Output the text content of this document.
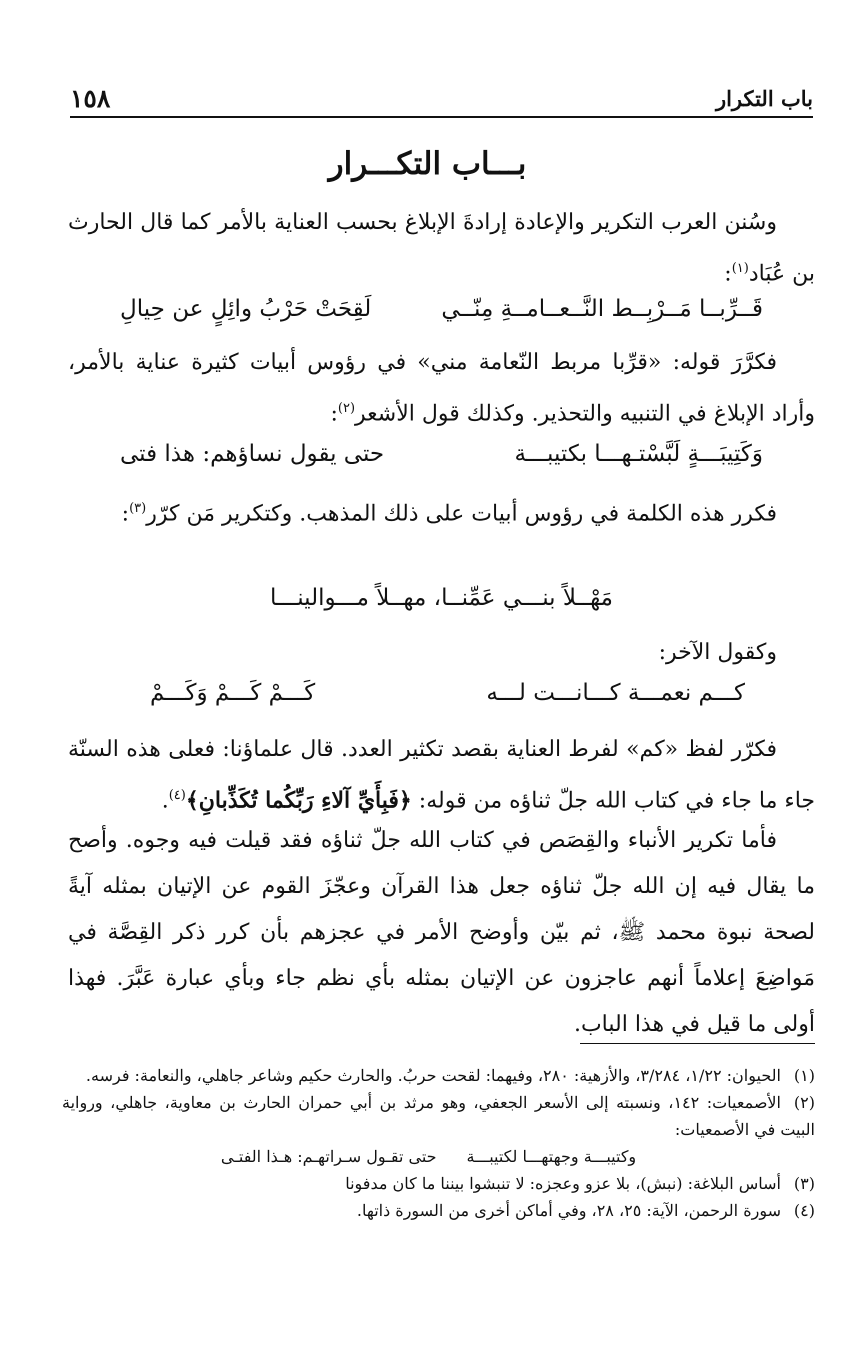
باب التكرار
١٥٨
بـــاب التكـــرار

وسُنن العرب التكرير والإعادة إرادةَ الإبلاغ بحسب العناية بالأمر كما قال الحارث بن عُبَاد$^{(١)}$:

قَــرِّبــا مَــرْبِــط النَّــعــامــةِ مِنّــي
لَقِحَتْ حَرْبُ وائِلٍ عن حِيالِ

فكرَّرَ قوله: «قرِّبا مربط النّعامة مني» في رؤوس أبيات كثيرة عناية بالأمر، وأراد الإبلاغ في التنبيه والتحذير. وكذلك قول الأشعر$^{(٢)}$:

وَكَتِيبَـــةٍ لَبَّسْتـهـــا بكتيبـــة
حتى يقول نساؤهم: هذا فتى

فكرر هذه الكلمة في رؤوس أبيات على ذلك المذهب. وكتكرير مَن كرّر$^{(٣)}$:

مَهْــلاً بنـــي عَمِّنــا، مهــلاً مـــوالينـــا

وكقول الآخر:

كـــم نعمـــة كـــانـــت لـــه
كَـــمْ كَـــمْ وَكَـــمْ

فكرّر لفظ «كم» لفرط العناية بقصد تكثير العدد. قال علماؤنا: فعلى هذه السنّة جاء ما جاء في كتاب الله جلّ ثناؤه من قوله: ﴿فَبِأَيِّ آلاءِ رَبِّكُما تُكَذِّبانِ﴾$^{(٤)}$.

فأما تكرير الأنباء والقِصَص في كتاب الله جلّ ثناؤه فقد قيلت فيه وجوه. وأصح ما يقال فيه إن الله جلّ ثناؤه جعل هذا القرآن وعجّزَ القوم عن الإتيان بمثله آيةً لصحة نبوة محمد ﷺ، ثم بيّن وأوضح الأمر في عجزهم بأن كرر ذكر القِصَّة في مَواضِعَ إعلاماً أنهم عاجزون عن الإتيان بمثله بأي نظم جاء وبأي عبارة عَبَّرَ. فهذا أولى ما قيل في هذا الباب.

(١)الحيوان: ١/٢٢، ٣/٢٨٤، والأزهية: ٢٨٠، وفيهما: لقحت حربُ. والحارث حكيم وشاعر جاهلي، والنعامة: فرسه.

(٢)الأصمعيات: ١٤٢، ونسبته إلى الأسعر الجعفي، وهو مرثد بن أبي حمران الحارث بن معاوية، جاهلي، ورواية البيت في الأصمعيات:

وكتيبـــة وجهتهـــا لكتيبـــة
حتى تقـول سـراتهـم: هـذا الفتـى

(٣)أساس البلاغة: (نبش)، بلا عزو وعجزه: لا تنبشوا بيننا ما كان مدفونا

(٤)سورة الرحمن، الآية: ٢٥، ٢٨، وفي أماكن أخرى من السورة ذاتها.
